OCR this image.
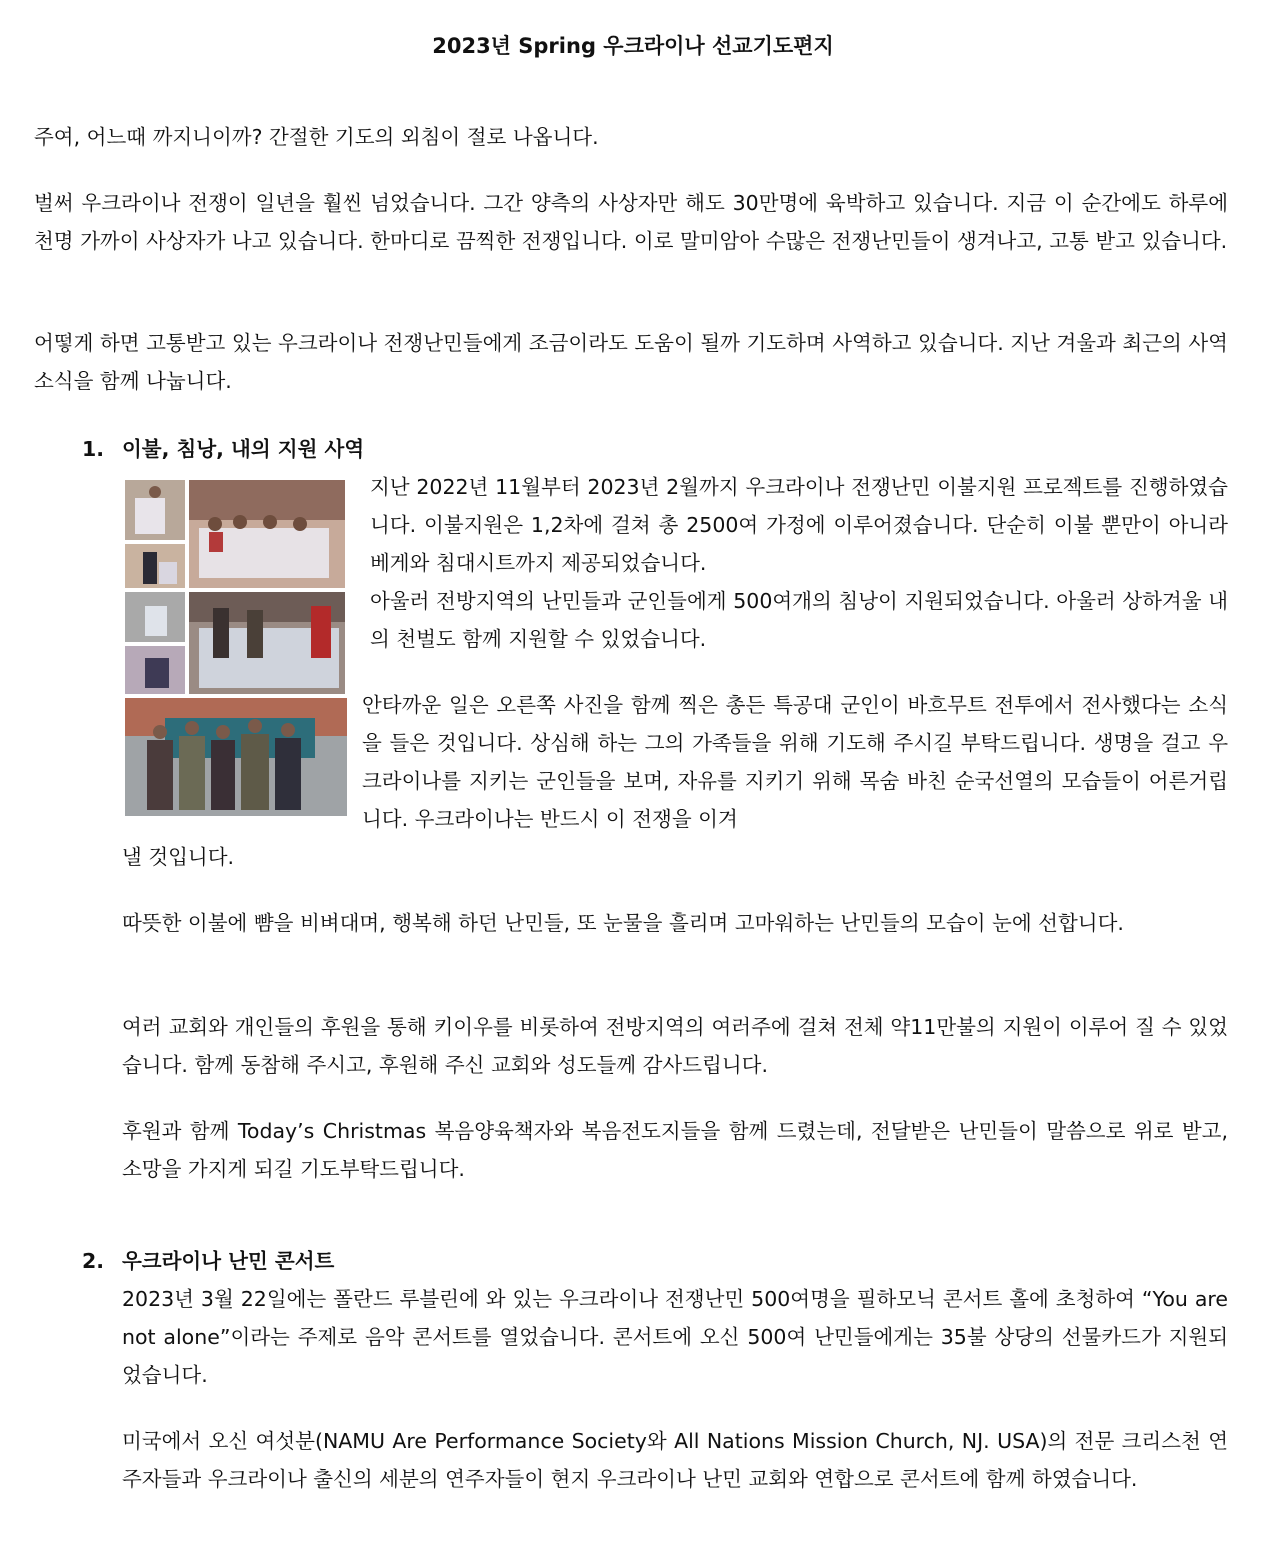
2023년 Spring 우크라이나 선교기도편지

주여, 어느때 까지니이까? 간절한 기도의 외침이 절로 나옵니다.

벌써 우크라이나 전쟁이 일년을 훨씬 넘었습니다. 그간 양측의 사상자만 해도 30만명에 육박하고 있습니다. 지금 이 순간에도 하루에 천명 가까이 사상자가 나고 있습니다. 한마디로 끔찍한 전쟁입니다. 이로 말미암아 수많은 전쟁난민들이 생겨나고, 고통 받고 있습니다.

어떻게 하면 고통받고 있는 우크라이나 전쟁난민들에게 조금이라도 도움이 될까 기도하며 사역하고 있습니다. 지난 겨울과 최근의 사역 소식을 함께 나눕니다.

1. 이불, 침낭, 내의 지원 사역

지난 2022년 11월부터 2023년 2월까지 우크라이나 전쟁난민 이불지원 프로젝트를 진행하였습니다. 이불지원은 1,2차에 걸쳐 총 2500여 가정에 이루어졌습니다. 단순히 이불 뿐만이 아니라 베게와 침대시트까지 제공되었습니다.

아울러 전방지역의 난민들과 군인들에게 500여개의 침낭이 지원되었습니다. 아울러 상하겨울 내의 천벌도 함께 지원할 수 있었습니다.

안타까운 일은 오른쪽 사진을 함께 찍은 총든 특공대 군인이 바흐무트 전투에서 전사했다는 소식을 들은 것입니다. 상심해 하는 그의 가족들을 위해 기도해 주시길 부탁드립니다. 생명을 걸고 우크라이나를 지키는 군인들을 보며, 자유를 지키기 위해 목숨 바친 순국선열의 모습들이 어른거립니다. 우크라이나는 반드시 이 전쟁을 이겨

낼 것입니다.

따뜻한 이불에 뺨을 비벼대며, 행복해 하던 난민들, 또 눈물을 흘리며 고마워하는 난민들의 모습이 눈에 선합니다.

여러 교회와 개인들의 후원을 통해 키이우를 비롯하여 전방지역의 여러주에 걸쳐 전체 약11만불의 지원이 이루어 질 수 있었습니다. 함께 동참해 주시고, 후원해 주신 교회와 성도들께 감사드립니다.

후원과 함께 Today’s Christmas 복음양육책자와 복음전도지들을 함께 드렸는데, 전달받은 난민들이 말씀으로 위로 받고, 소망을 가지게 되길 기도부탁드립니다.

2. 우크라이나 난민 콘서트

2023년 3월 22일에는 폴란드 루블린에 와 있는 우크라이나 전쟁난민 500여명을 필하모닉 콘서트 홀에 초청하여 “You are not alone”이라는 주제로 음악 콘서트를 열었습니다. 콘서트에 오신 500여 난민들에게는 35불 상당의 선물카드가 지원되었습니다.

미국에서 오신 여섯분(NAMU Are Performance Society와 All Nations Mission Church, NJ. USA)의 전문 크리스천 연주자들과 우크라이나 출신의 세분의 연주자들이 현지 우크라이나 난민 교회와 연합으로 콘서트에 함께 하였습니다.
